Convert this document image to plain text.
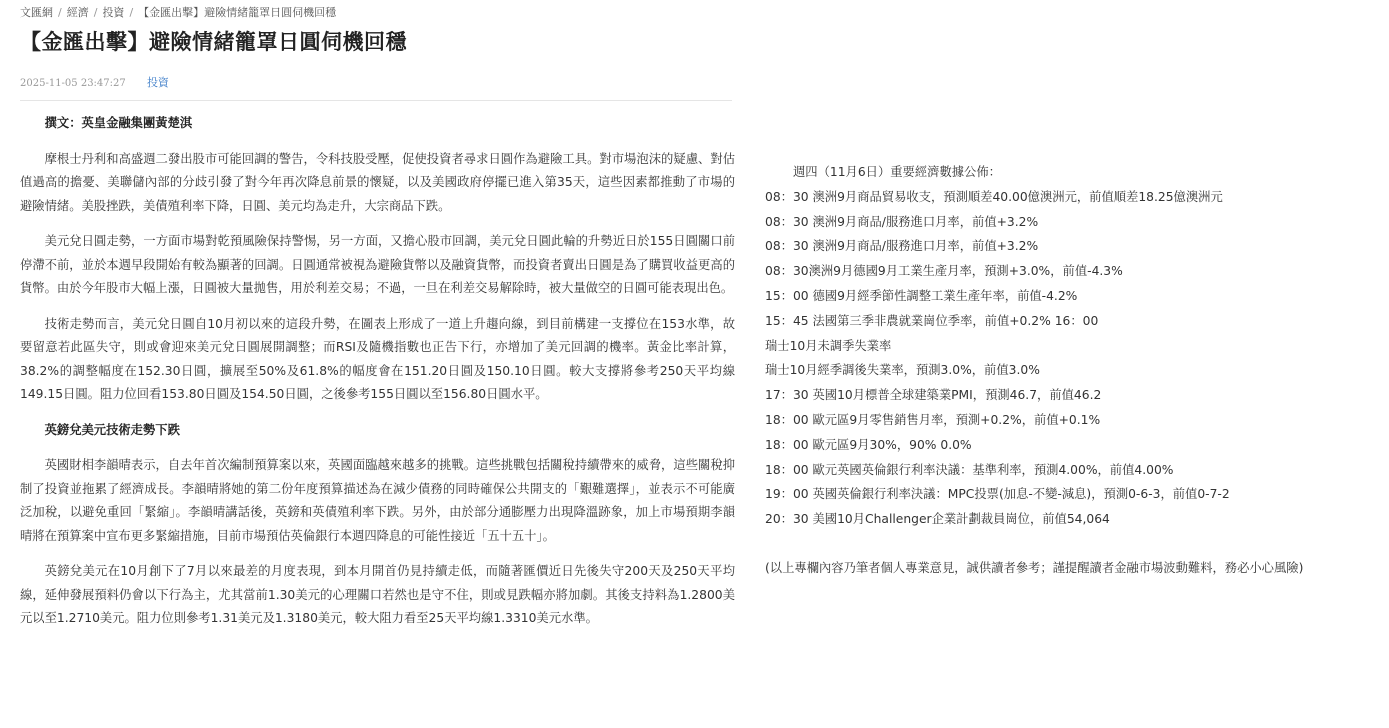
文匯網 / 經濟 / 投資 / 【金匯出擊】避險情緒籠罩日圓伺機回穩
【金匯出擊】避險情緒籠罩日圓伺機回穩
2025-11-05 23:47:27 投資

撰文：英皇金融集團黃楚淇

摩根士丹利和高盛週二發出股市可能回調的警告，令科技股受壓，促使投資者尋求日圓作為避險工具。對市場泡沫的疑慮、對估值過高的擔憂、美聯儲內部的分歧引發了對今年再次降息前景的懷疑，以及美國政府停擺已進入第35天，這些因素都推動了市場的避險情緒。美股挫跌，美債殖利率下降，日圓、美元均為走升，大宗商品下跌。

美元兌日圓走勢，一方面市場對乾預風險保持警惕，另一方面，又擔心股市回調，美元兌日圓此輪的升勢近日於155日圓關口前停滯不前，並於本週早段開始有較為顯著的回調。日圓通常被視為避險貨幣以及融資貨幣，而投資者賣出日圓是為了購買收益更高的貨幣。由於今年股市大幅上漲，日圓被大量拋售，用於利差交易；不過，一旦在利差交易解除時，被大量做空的日圓可能表現出色。

技術走勢而言，美元兌日圓自10月初以來的這段升勢，在圖表上形成了一道上升趨向線，到目前構建一支撐位在153水準，故要留意若此區失守，則或會迎來美元兌日圓展開調整；而RSI及隨機指數也正告下行，亦增加了美元回調的機率。黃金比率計算，38.2%的調整幅度在152.30日圓，擴展至50%及61.8%的幅度會在151.20日圓及150.10日圓。較大支撐將參考250天平均線149.15日圓。阻力位回看153.80日圓及154.50日圓，之後參考155日圓以至156.80日圓水平。

英鎊兌美元技術走勢下跌

英國財相李韻晴表示，自去年首次編制預算案以來，英國面臨越來越多的挑戰。這些挑戰包括關稅持續帶來的威脅，這些關稅抑制了投資並拖累了經濟成長。李韻晴將她的第二份年度預算描述為在減少債務的同時確保公共開支的「艱難選擇」，並表示不可能廣泛加稅，以避免重回「緊縮」。李韻晴講話後，英鎊和英債殖利率下跌。另外，由於部分通膨壓力出現降溫跡象，加上市場預期李韻晴將在預算案中宣布更多緊縮措施，目前市場預估英倫銀行本週四降息的可能性接近「五十五十」。

英鎊兌美元在10月創下了7月以來最差的月度表現，到本月開首仍見持續走低，而隨著匯價近日先後失守200天及250天平均線，延伸發展預料仍會以下行為主，尤其當前1.30美元的心理關口若然也是守不住，則或見跌幅亦將加劇。其後支持料為1.2800美元以至1.2710美元。阻力位則參考1.31美元及1.3180美元，較大阻力看至25天平均線1.3310美元水準。

週四（11月6日）重要經濟數據公佈：
08：30 澳洲9月商品貿易收支，預測順差40.00億澳洲元，前值順差18.25億澳洲元
08：30 澳洲9月商品/服務進口月率，前值+3.2%
08：30 澳洲9月商品/服務進口月率，前值+3.2%
08：30澳洲9月德國9月工業生產月率，預測+3.0%，前值-4.3%
15：00 德國9月經季節性調整工業生產年率，前值-4.2%
15：45 法國第三季非農就業崗位季率，前值+0.2% 16：00
瑞士10月未調季失業率
瑞士10月經季調後失業率，預測3.0%，前值3.0%
17：30 英國10月標普全球建築業PMI，預測46.7，前值46.2
18：00 歐元區9月零售銷售月率，預測+0.2%，前值+0.1%
18：00 歐元區9月30%，90% 0.0%
18：00 歐元英國英倫銀行利率決議：基準利率，預測4.00%，前值4.00%
19：00 英國英倫銀行利率決議：MPC投票(加息-不變-減息)，預測0-6-3，前值0-7-2
20：30 美國10月Challenger企業計劃裁員崗位，前值54,064
(以上專欄內容乃筆者個人專業意見，誠供讀者參考；謹提醒讀者金融市場波動難料，務必小心風險)
